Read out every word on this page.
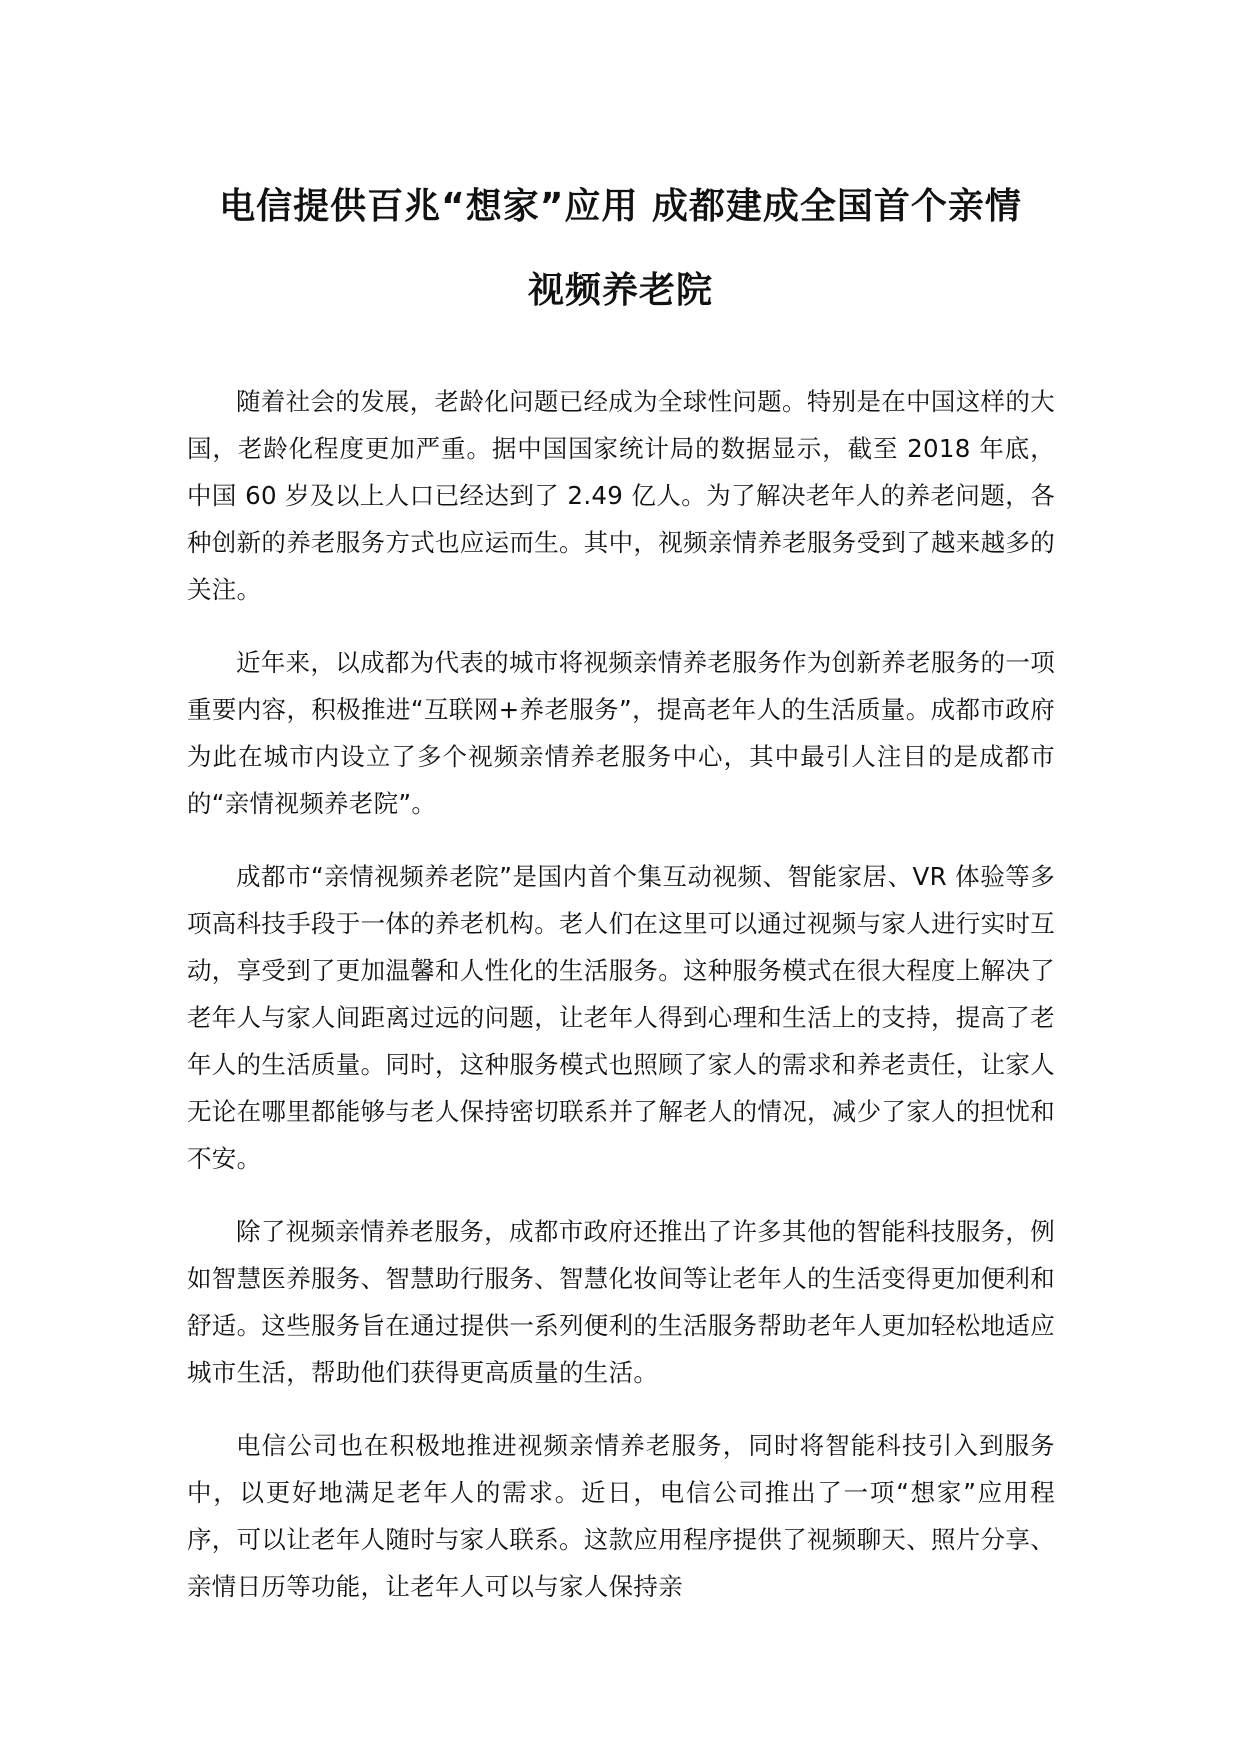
电信提供百兆“想家”应用 成都建成全国首个亲情
视频养老院

随着社会的发展，老龄化问题已经成为全球性问题。特别是在中国这样的大国，老龄化程度更加严重。据中国国家统计局的数据显示，截至 2018 年底，中国 60 岁及以上人口已经达到了 2.49 亿人。为了解决老年人的养老问题，各种创新的养老服务方式也应运而生。其中，视频亲情养老服务受到了越来越多的关注。

近年来，以成都为代表的城市将视频亲情养老服务作为创新养老服务的一项重要内容，积极推进“互联网+养老服务”，提高老年人的生活质量。成都市政府为此在城市内设立了多个视频亲情养老服务中心，其中最引人注目的是成都市的“亲情视频养老院”。

成都市“亲情视频养老院”是国内首个集互动视频、智能家居、VR 体验等多项高科技手段于一体的养老机构。老人们在这里可以通过视频与家人进行实时互动，享受到了更加温馨和人性化的生活服务。这种服务模式在很大程度上解决了老年人与家人间距离过远的问题，让老年人得到心理和生活上的支持，提高了老年人的生活质量。同时，这种服务模式也照顾了家人的需求和养老责任，让家人无论在哪里都能够与老人保持密切联系并了解老人的情况，减少了家人的担忧和不安。

除了视频亲情养老服务，成都市政府还推出了许多其他的智能科技服务，例如智慧医养服务、智慧助行服务、智慧化妆间等让老年人的生活变得更加便利和舒适。这些服务旨在通过提供一系列便利的生活服务帮助老年人更加轻松地适应城市生活，帮助他们获得更高质量的生活。

电信公司也在积极地推进视频亲情养老服务，同时将智能科技引入到服务中，以更好地满足老年人的需求。近日，电信公司推出了一项“想家”应用程序，可以让老年人随时与家人联系。这款应用程序提供了视频聊天、照片分享、亲情日历等功能，让老年人可以与家人保持亲
